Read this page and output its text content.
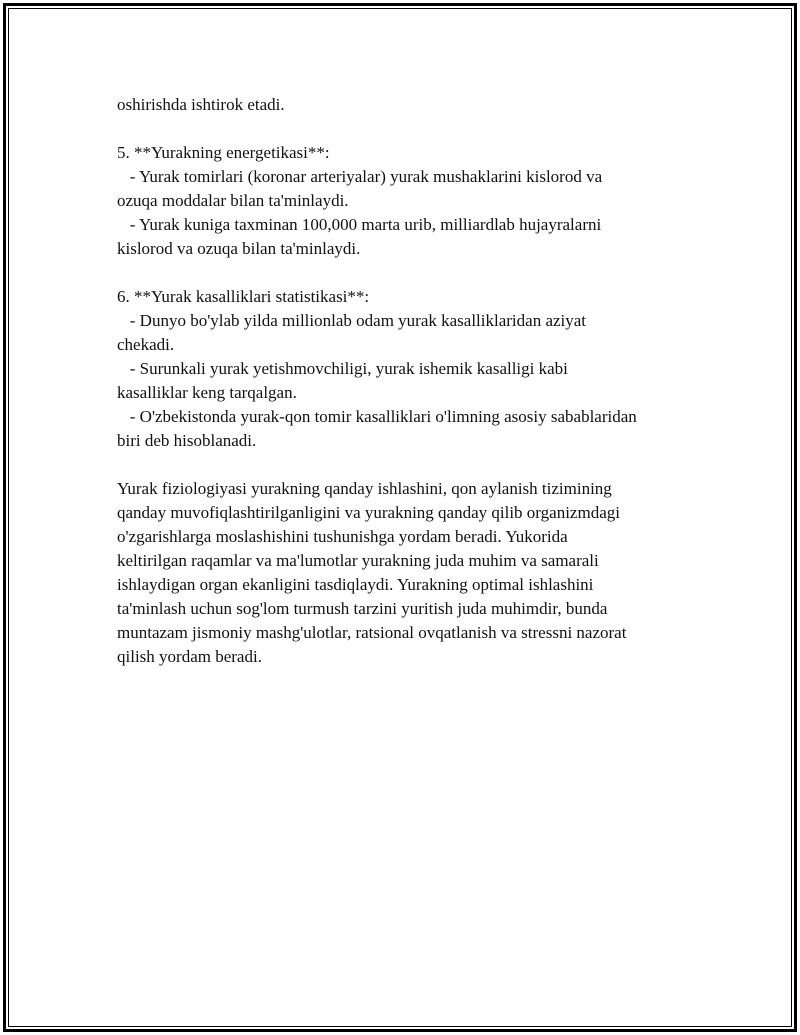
oshirishda ishtirok etadi.
5. **Yurakning energetikasi**:
- Yurak tomirlari (koronar arteriyalar) yurak mushaklarini kislorod va
ozuqa moddalar bilan ta'minlaydi.
- Yurak kuniga taxminan 100,000 marta urib, milliardlab hujayralarni
kislorod va ozuqa bilan ta'minlaydi.
6. **Yurak kasalliklari statistikasi**:
- Dunyo bo'ylab yilda millionlab odam yurak kasalliklaridan aziyat
chekadi.
- Surunkali yurak yetishmovchiligi, yurak ishemik kasalligi kabi
kasalliklar keng tarqalgan.
- O'zbekistonda yurak-qon tomir kasalliklari o'limning asosiy sabablaridan
biri deb hisoblanadi.
Yurak fiziologiyasi yurakning qanday ishlashini, qon aylanish tizimining
qanday muvofiqlashtirilganligini va yurakning qanday qilib organizmdagi
o'zgarishlarga moslashishini tushunishga yordam beradi. Yukorida
keltirilgan raqamlar va ma'lumotlar yurakning juda muhim va samarali
ishlaydigan organ ekanligini tasdiqlaydi. Yurakning optimal ishlashini
ta'minlash uchun sog'lom turmush tarzini yuritish juda muhimdir, bunda
muntazam jismoniy mashg'ulotlar, ratsional ovqatlanish va stressni nazorat
qilish yordam beradi.
